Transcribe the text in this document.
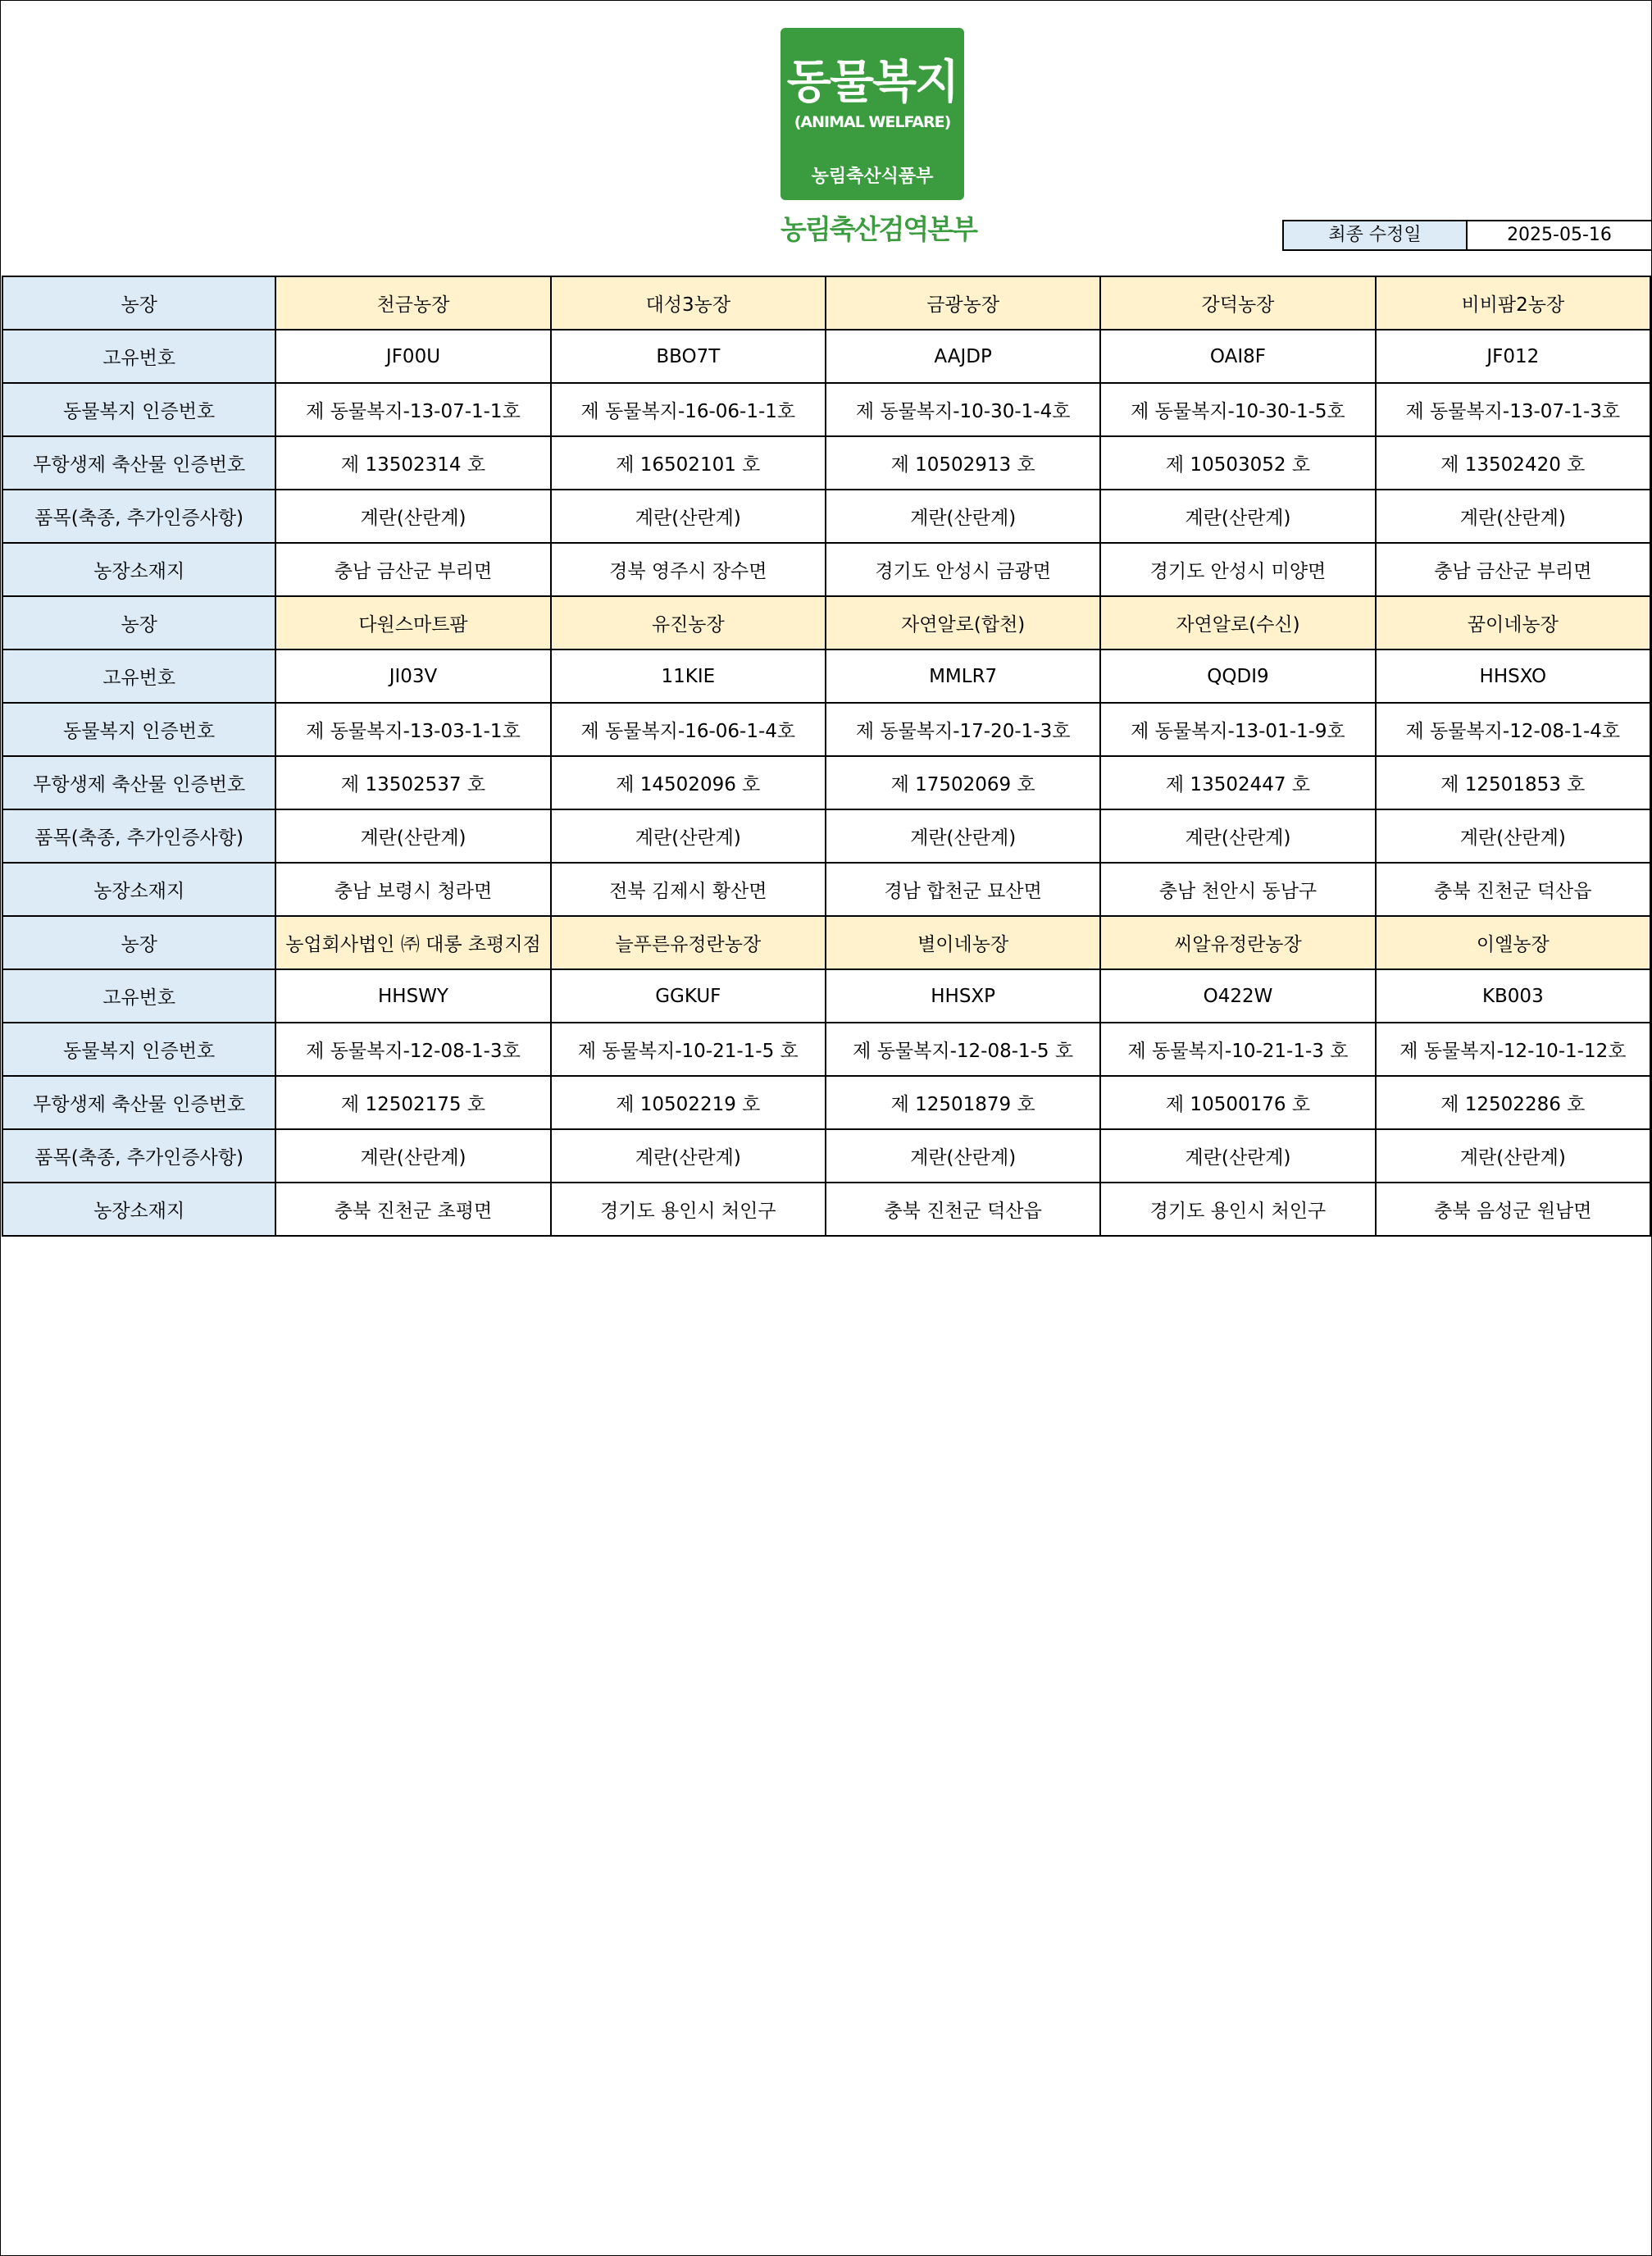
동물복지
(ANIMAL WELFARE)
농림축산식품부
농림축산검역본부	최종 수정일	2025-05-16
농장	천금농장	대성3농장	금광농장	강덕농장	비비팜2농장
고유번호	JF00U	BBO7T	AAJDP	OAI8F	JF012
동물복지 인증번호	제 동물복지-13-07-1-1호	제 동물복지-16-06-1-1호	제 동물복지-10-30-1-4호	제 동물복지-10-30-1-5호	제 동물복지-13-07-1-3호
무항생제 축산물 인증번호	제 13502314 호	제 16502101 호	제 10502913 호	제 10503052 호	제 13502420 호
품목(축종, 추가인증사항)	계란(산란계)	계란(산란계)	계란(산란계)	계란(산란계)	계란(산란계)
농장소재지	충남 금산군 부리면	경북 영주시 장수면	경기도 안성시 금광면	경기도 안성시 미양면	충남 금산군 부리면
농장	다원스마트팜	유진농장	자연알로(합천)	자연알로(수신)	꿈이네농장
고유번호	JI03V	11KIE	MMLR7	QQDI9	HHSXO
동물복지 인증번호	제 동물복지-13-03-1-1호	제 동물복지-16-06-1-4호	제 동물복지-17-20-1-3호	제 동물복지-13-01-1-9호	제 동물복지-12-08-1-4호
무항생제 축산물 인증번호	제 13502537 호	제 14502096 호	제 17502069 호	제 13502447 호	제 12501853 호
품목(축종, 추가인증사항)	계란(산란계)	계란(산란계)	계란(산란계)	계란(산란계)	계란(산란계)
농장소재지	충남 보령시 청라면	전북 김제시 황산면	경남 합천군 묘산면	충남 천안시 동남구	충북 진천군 덕산읍
농장	농업회사법인 ㈜ 대롱 초평지점	늘푸른유정란농장	별이네농장	씨알유정란농장	이엘농장
고유번호	HHSWY	GGKUF	HHSXP	O422W	KB003
동물복지 인증번호	제 동물복지-12-08-1-3호	제 동물복지-10-21-1-5 호	제 동물복지-12-08-1-5 호	제 동물복지-10-21-1-3 호	제 동물복지-12-10-1-12호
무항생제 축산물 인증번호	제 12502175 호	제 10502219 호	제 12501879 호	제 10500176 호	제 12502286 호
품목(축종, 추가인증사항)	계란(산란계)	계란(산란계)	계란(산란계)	계란(산란계)	계란(산란계)
농장소재지	충북 진천군 초평면	경기도 용인시 처인구	충북 진천군 덕산읍	경기도 용인시 처인구	충북 음성군 원남면
